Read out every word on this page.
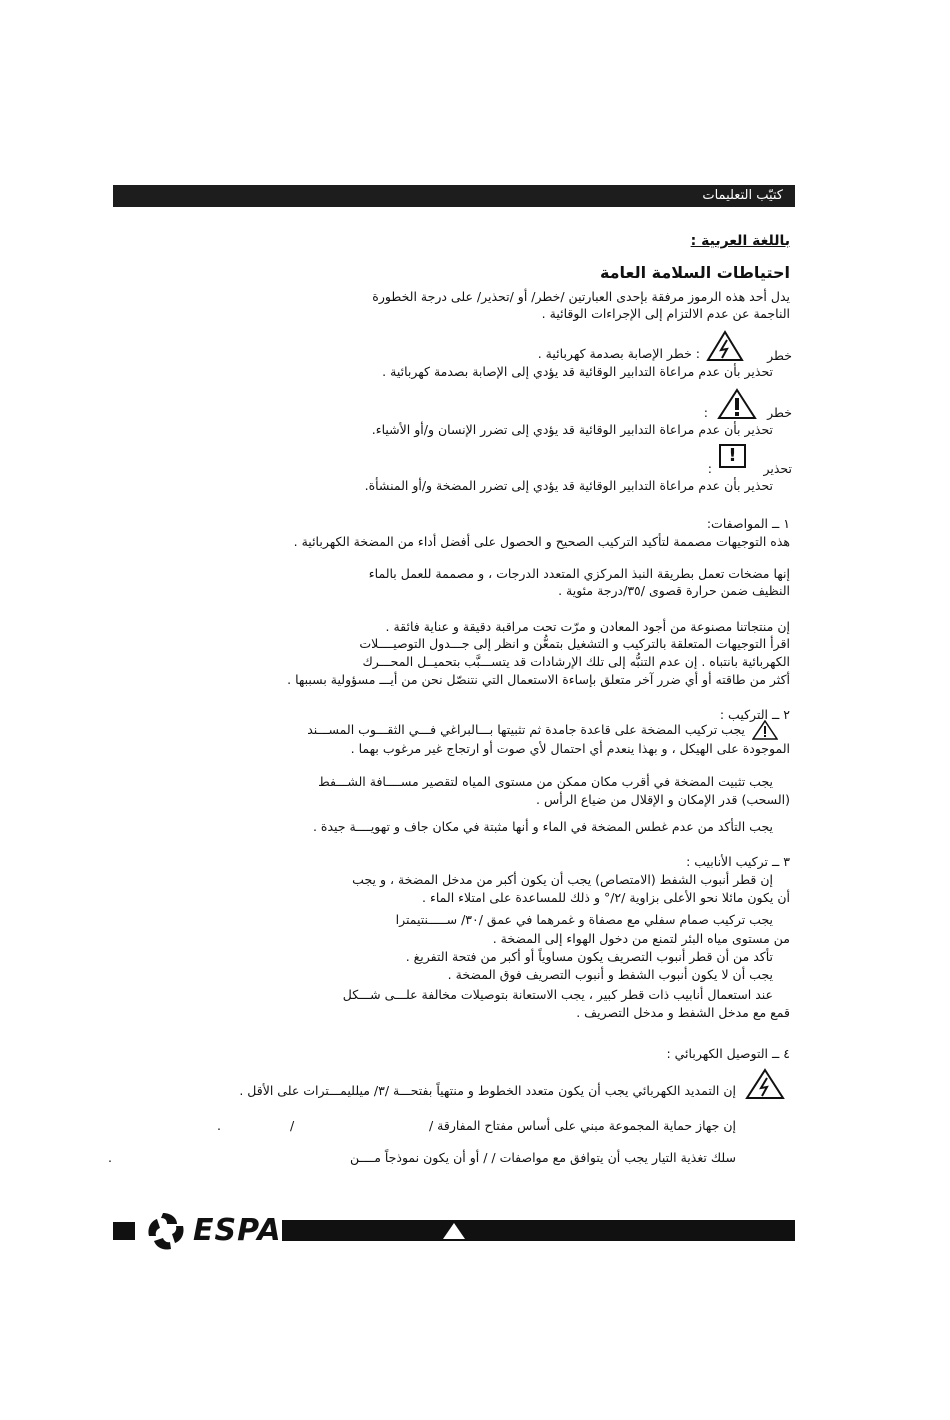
كتيّب التعليمات
باللغة العربية :
احتياطات السلامة العامة
يدل أحد هذه الرموز مرفقة بإحدى العبارتين /خطر/ أو /تحذير/ على درجة الخطورة
الناجمة عن عدم الالتزام إلى الإجراءات الوقائية .
خطر
: خطر الإصابة بصدمة كهربائية .
تحذير بأن عدم مراعاة التدابير الوقائية قد يؤدي إلى الإصابة بصدمة كهربائية .
خطر
:
تحذير بأن عدم مراعاة التدابير الوقائية قد يؤدي إلى تضرر الإنسان و/أو الأشياء.
تحذير
!
:
تحذير بأن عدم مراعاة التدابير الوقائية قد يؤدي إلى تضرر المضخة و/أو المنشأة.
١ ــ المواصفات:
هذه التوجيهات مصممة لتأكيد التركيب الصحيح و الحصول على أفضل أداء من المضخة الكهربائية .
إنها مضخات تعمل بطريقة النبذ المركزي المتعدد الدرجات ، و مصممة للعمل بالماء
النظيف ضمن حرارة قصوى /٣٥/درجة مئوية .
إن منتجاتنا مصنوعة من أجود المعادن و مرّت تحت مراقبة دقيقة و عناية فائقة .
اقرأ التوجيهات المتعلقة بالتركيب و التشغيل بتمعُّن و انظر إلى جـــدول التوصيــــلات
الكهربائية بانتباه . إن عدم التنبُّه إلى تلك الإرشادات قد يتســـبَّب بتحميــل المحـــرك
أكثر من طاقته أو أي ضرر آخر متعلق بإساءة الاستعمال التي نتنصّل نحن من أيـــ مسؤولية بسببها .
٢ ــ التركيب :
يجب تركيب المضخة على قاعدة جامدة ثم تثبيتها بـــالبراغي فـــي الثقـــوب المســـند
الموجودة على الهيكل ، و بهذا ينعدم أي احتمال لأي صوت أو ارتجاج غير مرغوب بهما .
يجب تثبيت المضخة في أقرب مكان ممكن من مستوى المياه لتقصير مســــافة الشـــفط
(السحب) قدر الإمكان و الإقلال من ضياع الرأس .
يجب التأكد من عدم غطس المضخة في الماء و أنها مثبتة في مكان جاف و تهويــــة جيدة .
٣ ــ تركيب الأنابيب :
إن قطر أنبوب الشفط (الامتصاص) يجب أن يكون أكبر من مدخل المضخة ، و يجب
أن يكون مائلا نحو الأعلى بزاوية /٢/° و ذلك للمساعدة على امتلاء الماء .
يجب تركيب صمام سفلي مع مصفاة و غمرهما في عمق /٣٠/ ســـــنتيمترا
من مستوى مياه البئر لتمنع من دخول الهواء إلى المضخة .
تأكد من أن قطر أنبوب التصريف يكون مساوياً أو أكبر من فتحة التفريغ .
يجب أن لا يكون أنبوب الشفط و أنبوب التصريف فوق المضخة .
عند استعمال أنابيب ذات قطر كبير ، يجب الاستعانة بتوصيلات مخالفة علـــى شـــكل
قمع مع مدخل الشفط و مدخل التصريف .
٤ ــ التوصيل الكهربائي :
إن التمديد الكهربائي يجب أن يكون متعدد الخطوط و منتهياً بفتحـــة /٣/ ميلليمـــترات على الأقل .
إن جهاز حماية المجموعة مبني على أساس مفتاح المفارقة /
/
.
سلك تغذية التيار يجب أن يتوافق مع مواصفات / / أو أن يكون نموذجاً مــــن
.
ESPA
